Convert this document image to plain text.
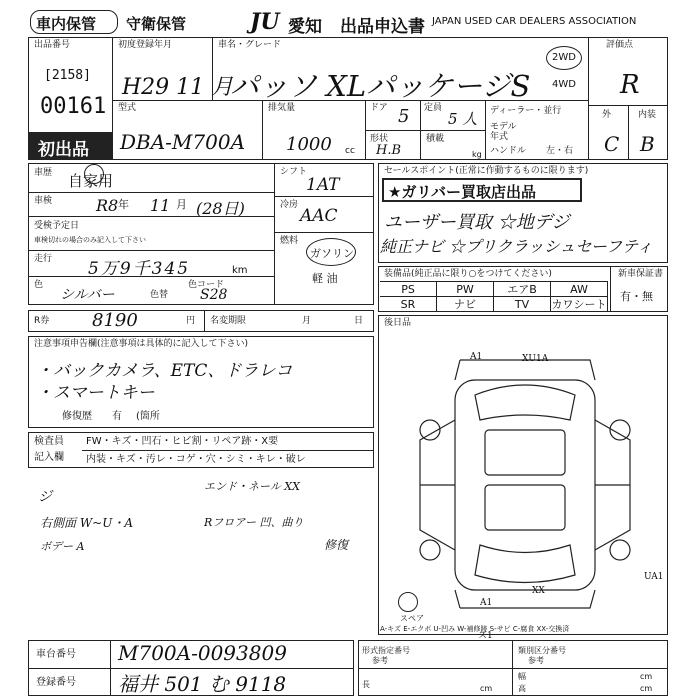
車内保管 守衛保管	JU 愛知 出品申込書 JAPAN USED CAR DEALERS ASSOCIATION
出品番号
[2158]
00161
初出品
初度登録年月
H29 11 月
車名・グレード
パッソ XLパッケージS
2WD
4WD
評価点
R
外	内装
C B
型式
DBA-M700A
排気量
1000 cc
ドア 5 定員
5 人
形状
H.B
積載
kg
ディーラー・並行
モデル
年式
ハンドル 左・右
車歴 自家用
車検	R8 年 11 月 (28日)
受検予定日
車検切れの場合のみ記入して下さい
走行 5万9千345	km
色
シルバー	色替
色コード
S28
シフト
1AT
冷房
AAC
燃料
ガソリン
軽 油
セールスポイント(正常に作動するものに限ります)
★ガリバー買取店出品
ユーザー買取 ☆地デジ
純正ナビ ☆プリクラッシュセーフティ
装備品(純正品に限り○をつけてください)	新車保証書
有・無
PS	PW	エアB	AW
SR	ナビ	TV	カワシート
R券 8190	円 名変期限	月	日
注意事項申告欄(注意事項は具体的に記入して下さい)
・バックカメラ、ETC、ドラレコ
・スマートキー
修復歴 有 (箇所
検査員
記入欄
FW・キズ・凹石・ヒビ割・リペア跡・X要
内装・キズ・汚レ・コゲ・穴・シミ・キレ・破レ
ジ
エンド・ネール XX
右側面 W~U・A	Rフロアー 凹、曲り
ボデー A	修復
後日品
A1	XU1A
UA1
XX
A1
ズ1
スペア
A-キズ E-エクボ U-凹み W-補修跡 S-サビ C-腐食 XX-交換済
車台番号 M700A-0093809
登録番号 福井 501 む 9118
形式指定番号
参考
類別区分番号
参考
長	cm
幅	cm
高	cm
